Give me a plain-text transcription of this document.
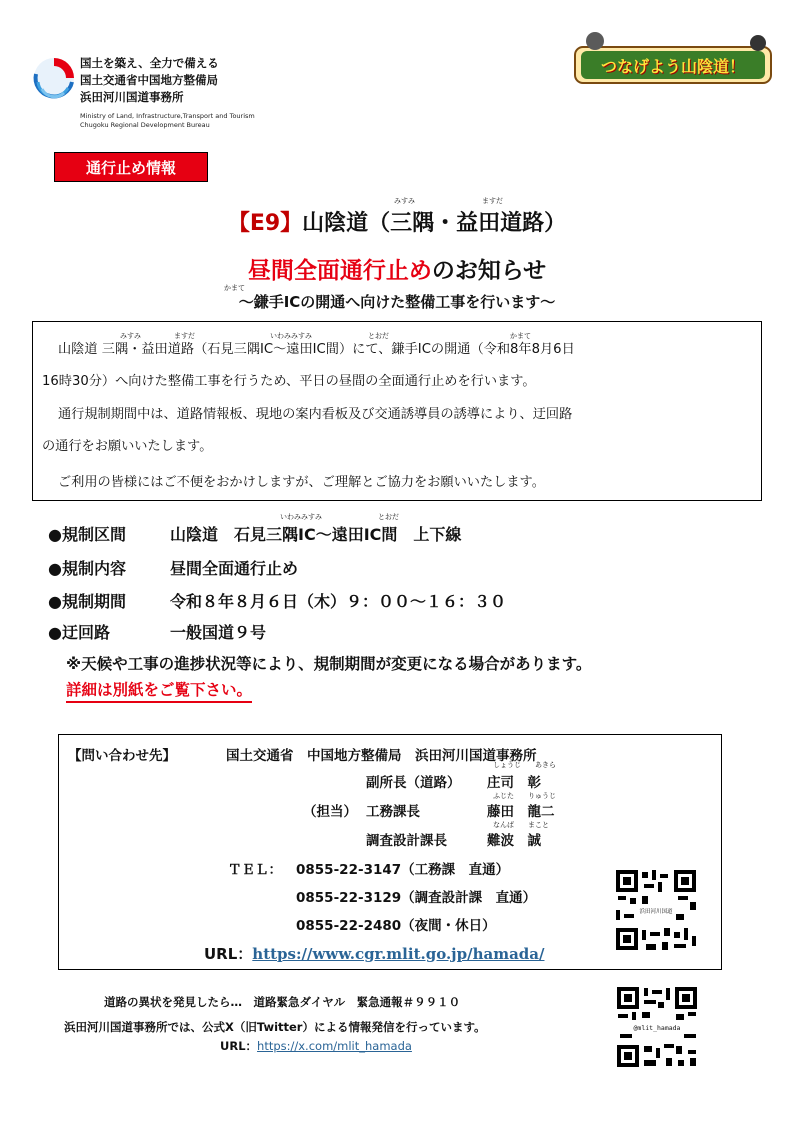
国土を築え、全力で備える
国土交通省中国地方整備局
浜田河川国道事務所
Ministry of Land, Infrastructure,Transport and Tourism
Chugoku Regional Development Bureau
つなげよう山陰道！
通行止め情報
みすみ	ますだ
【E9】山陰道（三隅・益田道路）
昼間全面通行止めのお知らせ
かまて
～鎌手ICの開通へ向けた整備工事を行います～
みすみ	ますだ	いわみみすみ	とおだ	かまて
山陰道 三隅・益田道路（石見三隅IC～遠田IC間）にて、鎌手ICの開通（令和8年8月6日
16時30分）へ向けた整備工事を行うため、平日の昼間の全面通行止めを行います。
通行規制期間中は、道路情報板、現地の案内看板及び交通誘導員の誘導により、迂回路
の通行をお願いいたします。
ご利用の皆様にはご不便をおかけしますが、ご理解とご協力をお願いいたします。
いわみみすみ	とおだ
●規制区間	山陰道　石見三隅IC～遠田IC間　上下線
●規制内容	昼間全面通行止め
●規制期間	令和８年８月６日（木）９：００～１６：３０
●迂回路	一般国道９号
※天候や工事の進捗状況等により、規制期間が変更になる場合があります。
詳細は別紙をご覧下さい。
【問い合わせ先】	国土交通省　中国地方整備局　浜田河川国道事務所
しょうじ　　あきら
副所長（道路） 庄司　彰
ふじた　　りゅうじ
（担当） 工務課長	藤田　龍二
なんば　　まこと
調査設計課長	難波　誠
ＴＥＬ： 0855-22-3147（工務課　直通）
0855-22-3129（調査設計課　直通）
0855-22-2480（夜間・休日）
URL：https://www.cgr.mlit.go.jp/hamada/
浜田河川国道
道路の異状を発見したら…　道路緊急ダイヤル　緊急通報＃９９１０
浜田河川国道事務所では、公式X（旧Twitter）による情報発信を行っています。
URL：https://x.com/mlit_hamada
@mlit_hamada
